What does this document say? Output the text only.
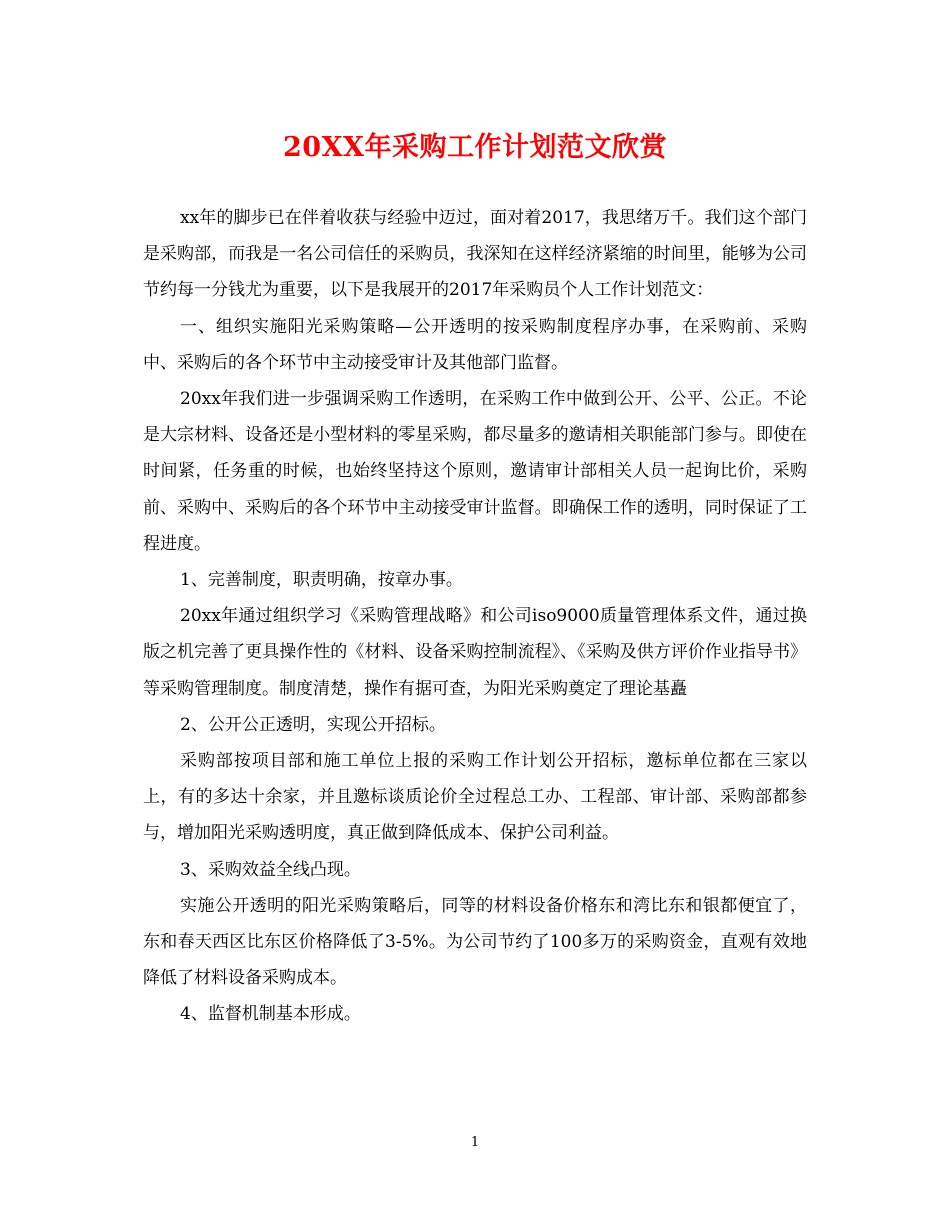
20XX年采购工作计划范文欣赏

xx年的脚步已在伴着收获与经验中迈过，面对着2017，我思绪万千。我们这个部门是采购部，而我是一名公司信任的采购员，我深知在这样经济紧缩的时间里，能够为公司节约每一分钱尤为重要，以下是我展开的2017年采购员个人工作计划范文：

一、组织实施阳光采购策略—公开透明的按采购制度程序办事，在采购前、采购中、采购后的各个环节中主动接受审计及其他部门监督。

20xx年我们进一步强调采购工作透明，在采购工作中做到公开、公平、公正。不论是大宗材料、设备还是小型材料的零星采购，都尽量多的邀请相关职能部门参与。即使在时间紧，任务重的时候，也始终坚持这个原则，邀请审计部相关人员一起询比价，采购前、采购中、采购后的各个环节中主动接受审计监督。即确保工作的透明，同时保证了工程进度。

1、完善制度，职责明确，按章办事。

20xx年通过组织学习《采购管理战略》和公司iso9000质量管理体系文件，通过换版之机完善了更具操作性的《材料、设备采购控制流程》、《采购及供方评价作业指导书》等采购管理制度。制度清楚，操作有据可查，为阳光采购奠定了理论基矗

2、公开公正透明，实现公开招标。

采购部按项目部和施工单位上报的采购工作计划公开招标，邀标单位都在三家以上，有的多达十余家，并且邀标谈质论价全过程总工办、工程部、审计部、采购部都参与，增加阳光采购透明度，真正做到降低成本、保护公司利益。

3、采购效益全线凸现。

实施公开透明的阳光采购策略后，同等的材料设备价格东和湾比东和银都便宜了，东和春天西区比东区价格降低了3-5%。为公司节约了100多万的采购资金，直观有效地降低了材料设备采购成本。

4、监督机制基本形成。

1
